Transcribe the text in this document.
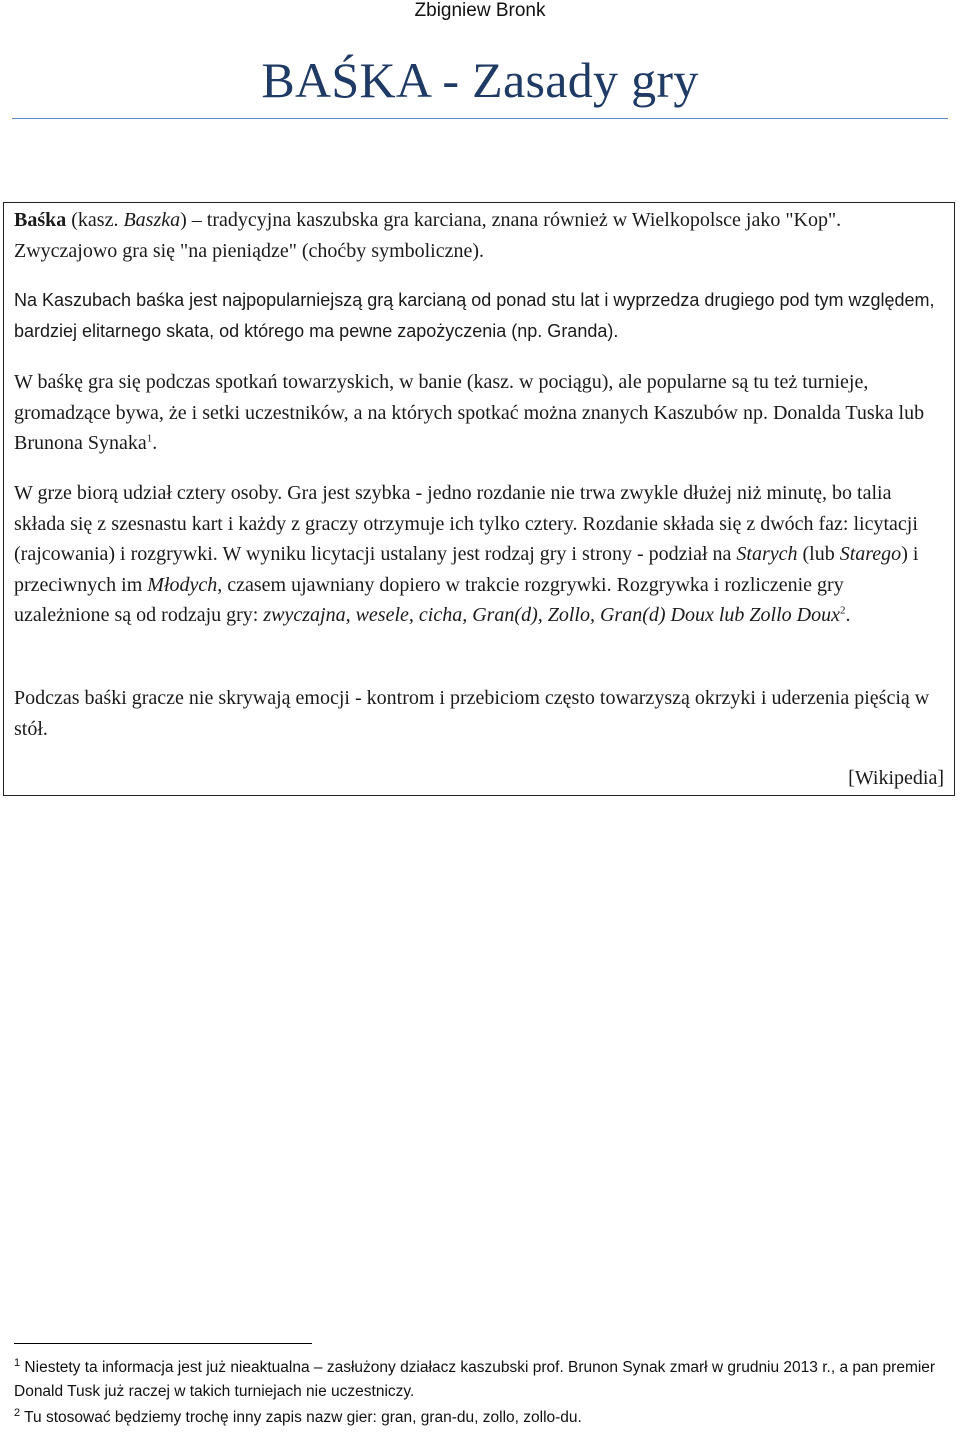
Zbigniew Bronk
BAŚKA - Zasady gry

Baśka (kasz. Baszka) – tradycyjna kaszubska gra karciana, znana również w Wielkopolsce jako "Kop". Zwyczajowo gra się "na pieniądze" (choćby symboliczne).

Na Kaszubach baśka jest najpopularniejszą grą karcianą od ponad stu lat i wyprzedza drugiego pod tym względem, bardziej elitarnego skata, od którego ma pewne zapożyczenia (np. Granda).

W baśkę gra się podczas spotkań towarzyskich, w banie (kasz. w pociągu), ale popularne są tu też turnieje, gromadzące bywa, że i setki uczestników, a na których spotkać można znanych Kaszubów np. Donalda Tuska lub Brunona Synaka$^1$.

W grze biorą udział cztery osoby. Gra jest szybka - jedno rozdanie nie trwa zwykle dłużej niż minutę, bo talia składa się z szesnastu kart i każdy z graczy otrzymuje ich tylko cztery. Rozdanie składa się z dwóch faz: licytacji (rajcowania) i rozgrywki. W wyniku licytacji ustalany jest rodzaj gry i strony - podział na Starych (lub Starego) i przeciwnych im Młodych, czasem ujawniany dopiero w trakcie rozgrywki. Rozgrywka i rozliczenie gry uzależnione są od rodzaju gry: zwyczajna, wesele, cicha, Gran(d), Zollo, Gran(d) Doux lub Zollo Doux$^2$.

Podczas baśki gracze nie skrywają emocji - kontrom i przebiciom często towarzyszą okrzyki i uderzenia pięścią w stół.

[Wikipedia]
$^1$ Niestety ta informacja jest już nieaktualna – zasłużony działacz kaszubski prof. Brunon Synak zmarł w grudniu 2013 r., a pan premier Donald Tusk już raczej w takich turniejach nie uczestniczy.
$^2$ Tu stosować będziemy trochę inny zapis nazw gier: gran, gran-du, zollo, zollo-du.
